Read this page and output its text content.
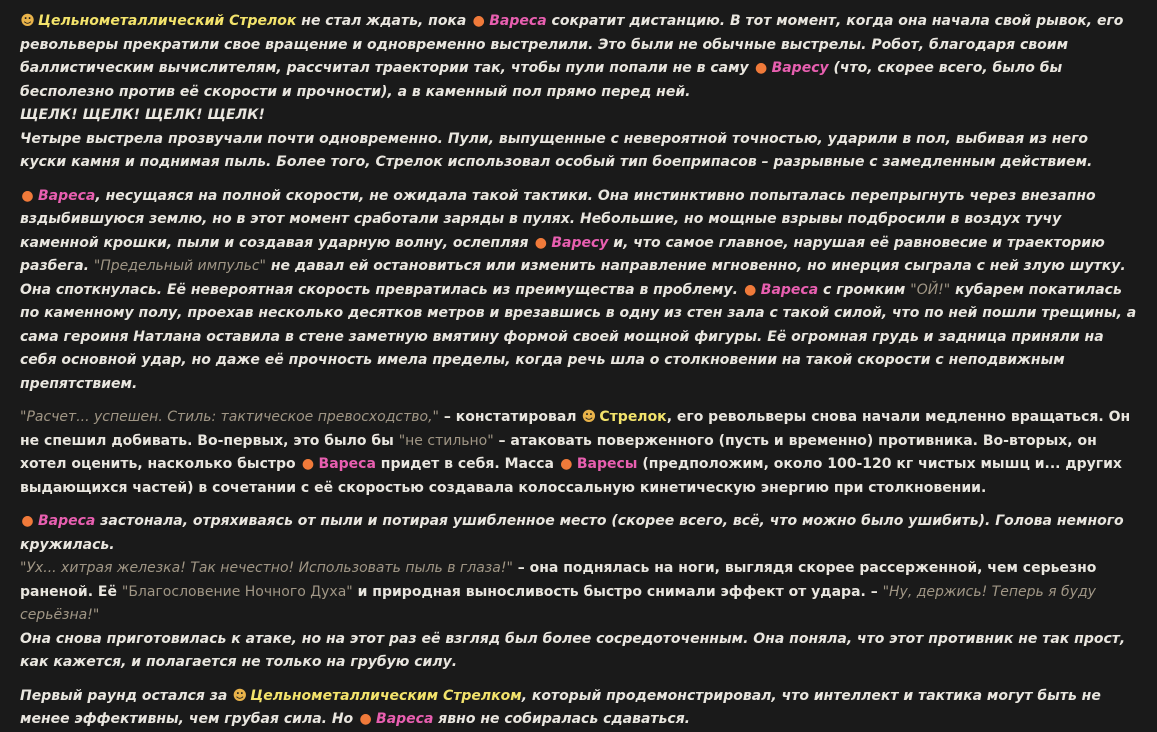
☻ Цельнометаллический Стрелок не стал ждать, пока ● Вареса сократит дистанцию. В тот момент, когда она начала свой рывок, его револьверы прекратили свое вращение и одновременно выстрелили. Это были не обычные выстрелы. Робот, благодаря своим баллистическим вычислителям, рассчитал траектории так, чтобы пули попали не в саму ● Варесу (что, скорее всего, было бы бесполезно против её скорости и прочности), а в каменный пол прямо перед ней.
ЩЕЛК! ЩЕЛК! ЩЕЛК! ЩЕЛК!
Четыре выстрела прозвучали почти одновременно. Пули, выпущенные с невероятной точностью, ударили в пол, выбивая из него куски камня и поднимая пыль. Более того, Стрелок использовал особый тип боеприпасов – разрывные с замедленным действием.

● Вареса, несущаяся на полной скорости, не ожидала такой тактики. Она инстинктивно попыталась перепрыгнуть через внезапно вздыбившуюся землю, но в этот момент сработали заряды в пулях. Небольшие, но мощные взрывы подбросили в воздух тучу каменной крошки, пыли и создавая ударную волну, ослепляя ● Варесу и, что самое главное, нарушая её равновесие и траекторию разбега. "Предельный импульс" не давал ей остановиться или изменить направление мгновенно, но инерция сыграла с ней злую шутку.
Она споткнулась. Её невероятная скорость превратилась из преимущества в проблему. ● Вареса с громким "ОЙ!" кубарем покатилась по каменному полу, проехав несколько десятков метров и врезавшись в одну из стен зала с такой силой, что по ней пошли трещины, а сама героиня Натлана оставила в стене заметную вмятину формой своей мощной фигуры. Её огромная грудь и задница приняли на себя основной удар, но даже её прочность имела пределы, когда речь шла о столкновении на такой скорости с неподвижным препятствием.

"Расчет... успешен. Стиль: тактическое превосходство," – констатировал ☻ Стрелок, его револьверы снова начали медленно вращаться. Он не спешил добивать. Во-первых, это было бы "не стильно" – атаковать поверженного (пусть и временно) противника. Во-вторых, он хотел оценить, насколько быстро ● Вареса придет в себя. Масса ● Варесы (предположим, около 100-120 кг чистых мышц и... других выдающихся частей) в сочетании с её скоростью создавала колоссальную кинетическую энергию при столкновении.

● Вареса застонала, отряхиваясь от пыли и потирая ушибленное место (скорее всего, всё, что можно было ушибить). Голова немного кружилась.
"Ух... хитрая железка! Так нечестно! Использовать пыль в глаза!" – она поднялась на ноги, выглядя скорее рассерженной, чем серьезно раненой. Её "Благословение Ночного Духа" и природная выносливость быстро снимали эффект от удара. – "Ну, держись! Теперь я буду серьёзна!"
Она снова приготовилась к атаке, но на этот раз её взгляд был более сосредоточенным. Она поняла, что этот противник не так прост, как кажется, и полагается не только на грубую силу.

Первый раунд остался за ☻ Цельнометаллическим Стрелком, который продемонстрировал, что интеллект и тактика могут быть не менее эффективны, чем грубая сила. Но ● Вареса явно не собиралась сдаваться.
